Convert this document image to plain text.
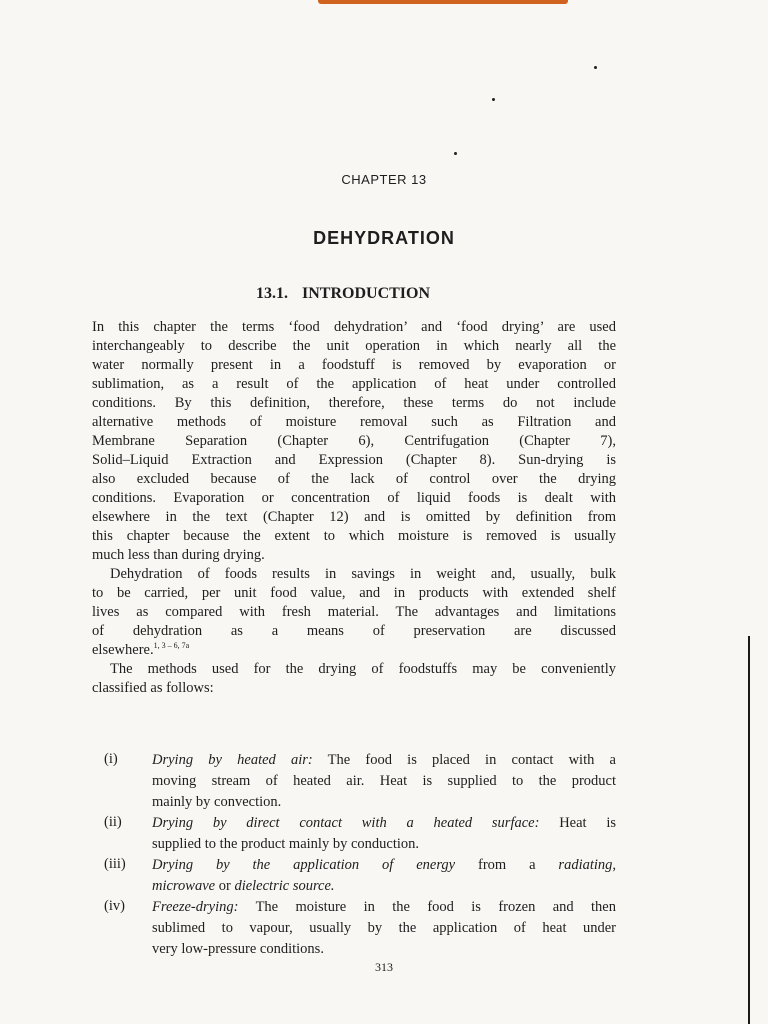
CHAPTER 13
DEHYDRATION
13.1. INTRODUCTION
In this chapter the terms ‘food dehydration’ and ‘food drying’ are used
interchangeably to describe the unit operation in which nearly all the
water normally present in a foodstuff is removed by evaporation or
sublimation, as a result of the application of heat under controlled
conditions. By this definition, therefore, these terms do not include
alternative methods of moisture removal such as Filtration and
Membrane Separation (Chapter 6), Centrifugation (Chapter 7),
Solid–Liquid Extraction and Expression (Chapter 8). Sun-drying is
also excluded because of the lack of control over the drying
conditions. Evaporation or concentration of liquid foods is dealt with
elsewhere in the text (Chapter 12) and is omitted by definition from
this chapter because the extent to which moisture is removed is usually
much less than during drying.
Dehydration of foods results in savings in weight and, usually, bulk
to be carried, per unit food value, and in products with extended shelf
lives as compared with fresh material. The advantages and limitations
of dehydration as a means of preservation are discussed
elsewhere.$^{1, 3 - 6, 7a}$
The methods used for the drying of foodstuffs may be conveniently
classified as follows:
(i) Drying by heated air: The food is placed in contact with a
moving stream of heated air. Heat is supplied to the product
mainly by convection.
(ii) Drying by direct contact with a heated surface: Heat is
supplied to the product mainly by conduction.
(iii) Drying by the application of energy from a radiating,
microwave or dielectric source.
(iv) Freeze-drying: The moisture in the food is frozen and then
sublimed to vapour, usually by the application of heat under
very low-pressure conditions.
313
